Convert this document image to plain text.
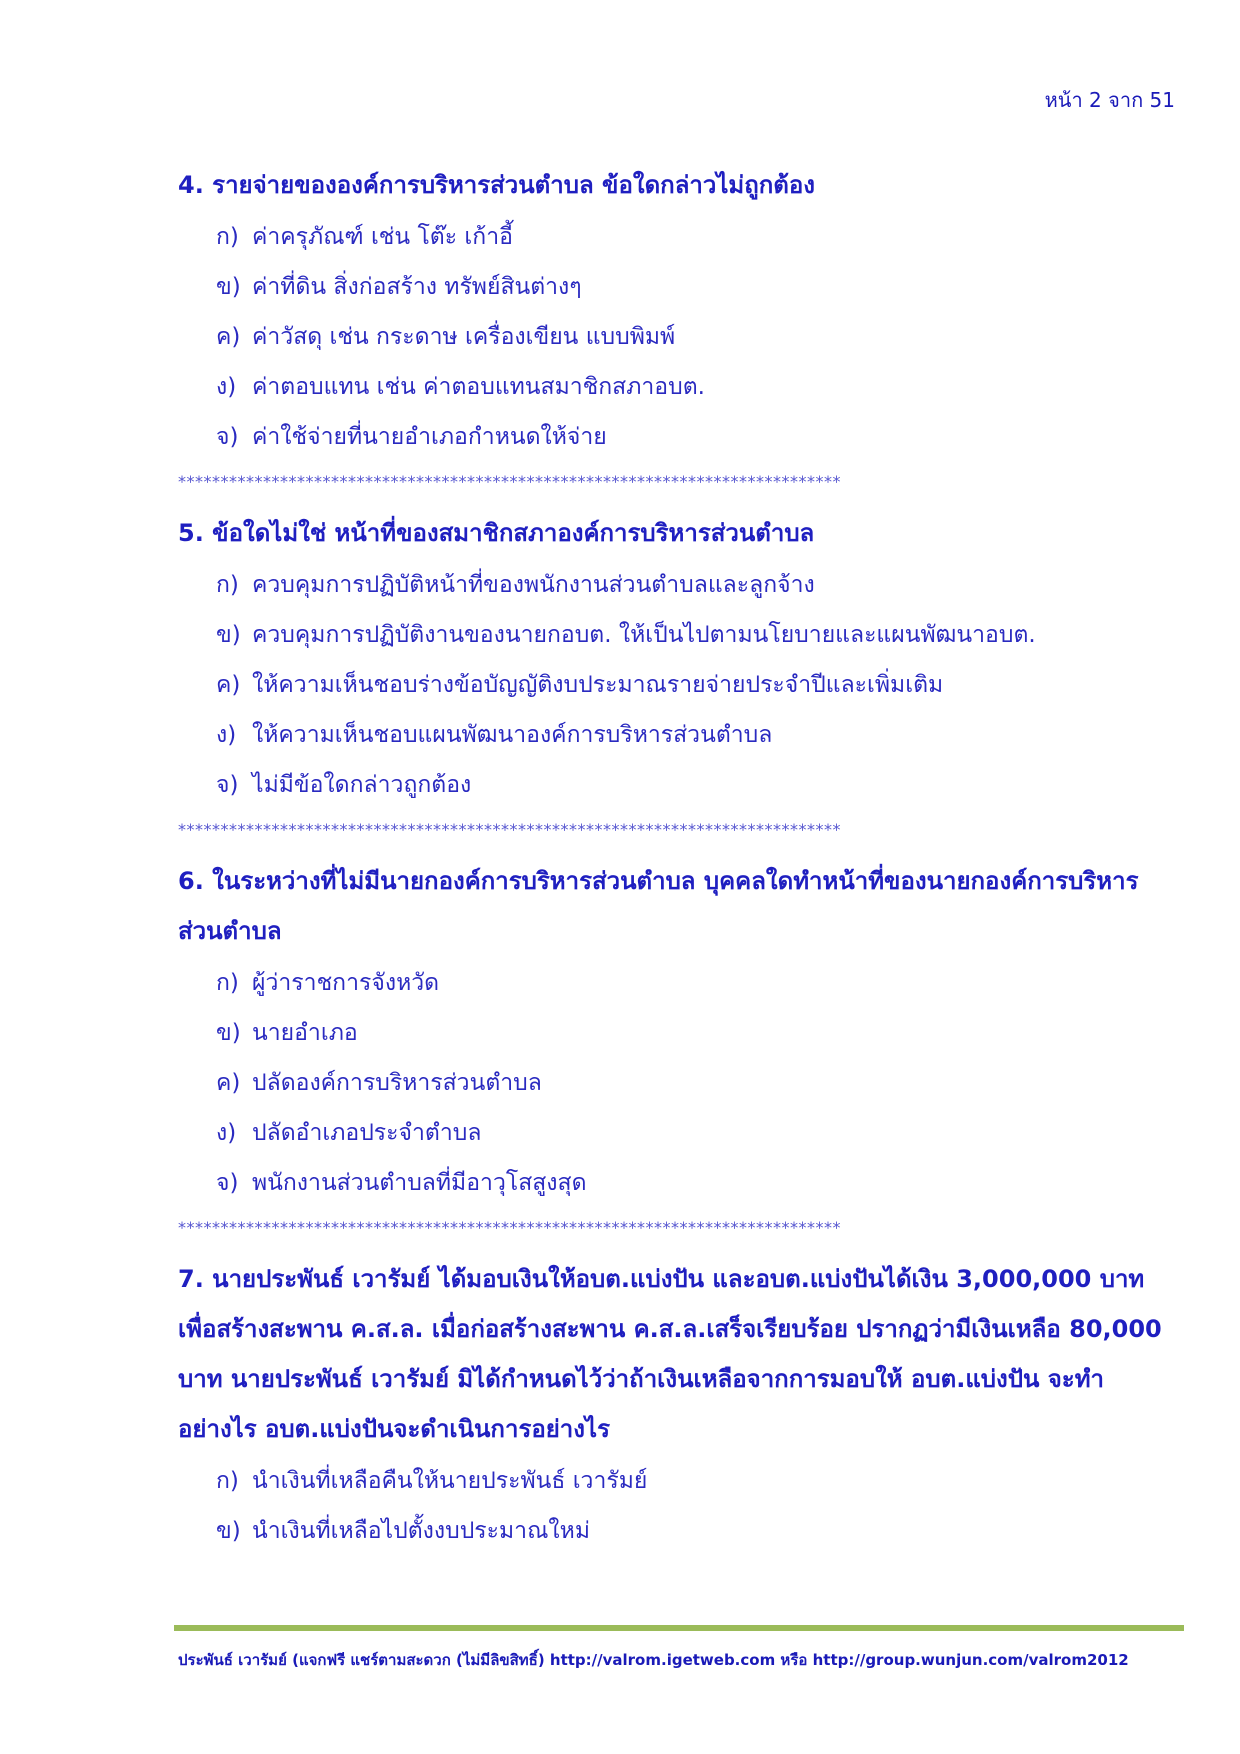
หน้า 2 จาก 51

4. รายจ่ายขององค์การบริหารส่วนตำบล ข้อใดกล่าวไม่ถูกต้อง

ก) ค่าครุภัณฑ์ เช่น โต๊ะ เก้าอี้
ข) ค่าที่ดิน สิ่งก่อสร้าง ทรัพย์สินต่างๆ
ค) ค่าวัสดุ เช่น กระดาษ เครื่องเขียน แบบพิมพ์
ง) ค่าตอบแทน เช่น ค่าตอบแทนสมาชิกสภาอบต.
จ) ค่าใช้จ่ายที่นายอำเภอกำหนดให้จ่าย
******************************************************************************

5. ข้อใดไม่ใช่ หน้าที่ของสมาชิกสภาองค์การบริหารส่วนตำบล

ก) ควบคุมการปฏิบัติหน้าที่ของพนักงานส่วนตำบลและลูกจ้าง
ข) ควบคุมการปฏิบัติงานของนายกอบต. ให้เป็นไปตามนโยบายและแผนพัฒนาอบต.
ค) ให้ความเห็นชอบร่างข้อบัญญัติงบประมาณรายจ่ายประจำปีและเพิ่มเติม
ง) ให้ความเห็นชอบแผนพัฒนาองค์การบริหารส่วนตำบล
จ) ไม่มีข้อใดกล่าวถูกต้อง
******************************************************************************

6. ในระหว่างที่ไม่มีนายกองค์การบริหารส่วนตำบล บุคคลใดทำหน้าที่ของนายกองค์การบริหารส่วนตำบล

ก) ผู้ว่าราชการจังหวัด
ข) นายอำเภอ
ค) ปลัดองค์การบริหารส่วนตำบล
ง) ปลัดอำเภอประจำตำบล
จ) พนักงานส่วนตำบลที่มีอาวุโสสูงสุด
******************************************************************************

7. นายประพันธ์ เวารัมย์ ได้มอบเงินให้อบต.แบ่งปัน และอบต.แบ่งปันได้เงิน 3,000,000 บาท เพื่อสร้างสะพาน ค.ส.ล. เมื่อก่อสร้างสะพาน ค.ส.ล.เสร็จเรียบร้อย ปรากฏว่ามีเงินเหลือ 80,000 บาท นายประพันธ์ เวารัมย์ มิได้กำหนดไว้ว่าถ้าเงินเหลือจากการมอบให้ อบต.แบ่งปัน จะทำอย่างไร อบต.แบ่งปันจะดำเนินการอย่างไร

ก) นำเงินที่เหลือคืนให้นายประพันธ์ เวารัมย์
ข) นำเงินที่เหลือไปตั้งงบประมาณใหม่
ประพันธ์ เวารัมย์ (แจกฟรี แชร์ตามสะดวก (ไม่มีลิขสิทธิ์) http://valrom.igetweb.com หรือ http://group.wunjun.com/valrom2012
